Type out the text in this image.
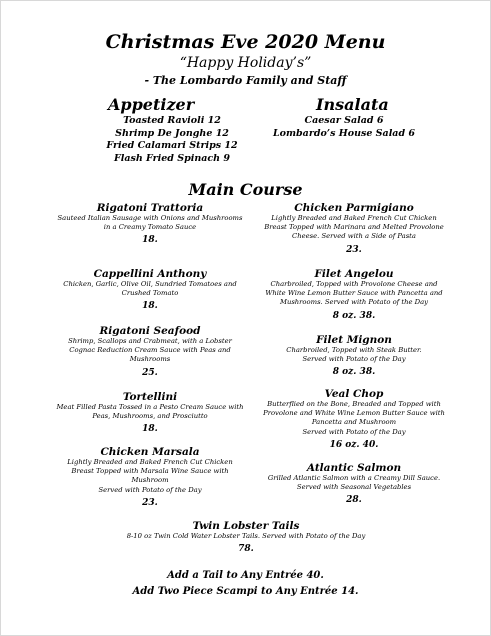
Christmas Eve 2020 Menu
“Happy Holiday’s”
- The Lombardo Family and Staff
Appetizer	Insalata
Toasted Ravioli 12
Shrimp De Jonghe 12
Fried Calamari Strips 12
Flash Fried Spinach 9
Caesar Salad 6
Lombardo’s House Salad 6
Main Course
Rigatoni Trattoria
Sauteed Italian Sausage with Onions and Mushrooms in a Creamy Tomato Sauce
18.
Cappellini Anthony
Chicken, Garlic, Olive Oil, Sundried Tomatoes and Crushed Tomato
18.
Rigatoni Seafood
Shrimp, Scallops and Crabmeat, with a Lobster Cognac Reduction Cream Sauce with Peas and Mushrooms
25.
Tortellini
Meat Filled Pasta Tossed in a Pesto Cream Sauce with Peas, Mushrooms, and Prosciutto
18.
Chicken Marsala
Lightly Breaded and Baked French Cut Chicken Breast Topped with Marsala Wine Sauce with Mushroom
Served with Potato of the Day
23.
Chicken Parmigiano
Lightly Breaded and Baked French Cut Chicken Breast Topped with Marinara and Melted Provolone Cheese. Served with a Side of Pasta
23.
Filet Angelou
Charbroiled, Topped with Provolone Cheese and White Wine Lemon Butter Sauce with Pancetta and Mushrooms. Served with Potato of the Day
8 oz. 38.
Filet Mignon
Charbroiled, Topped with Steak Butter.
Served with Potato of the Day
8 oz. 38.
Veal Chop
Butterflied on the Bone, Breaded and Topped with Provolone and White Wine Lemon Butter Sauce with Pancetta and Mushroom
Served with Potato of the Day
16 oz. 40.
Atlantic Salmon
Grilled Atlantic Salmon with a Creamy Dill Sauce. Served with Seasonal Vegetables
28.
Twin Lobster Tails
8-10 oz Twin Cold Water Lobster Tails. Served with Potato of the Day
78.
Add a Tail to Any Entrée 40.
Add Two Piece Scampi to Any Entrée 14.
